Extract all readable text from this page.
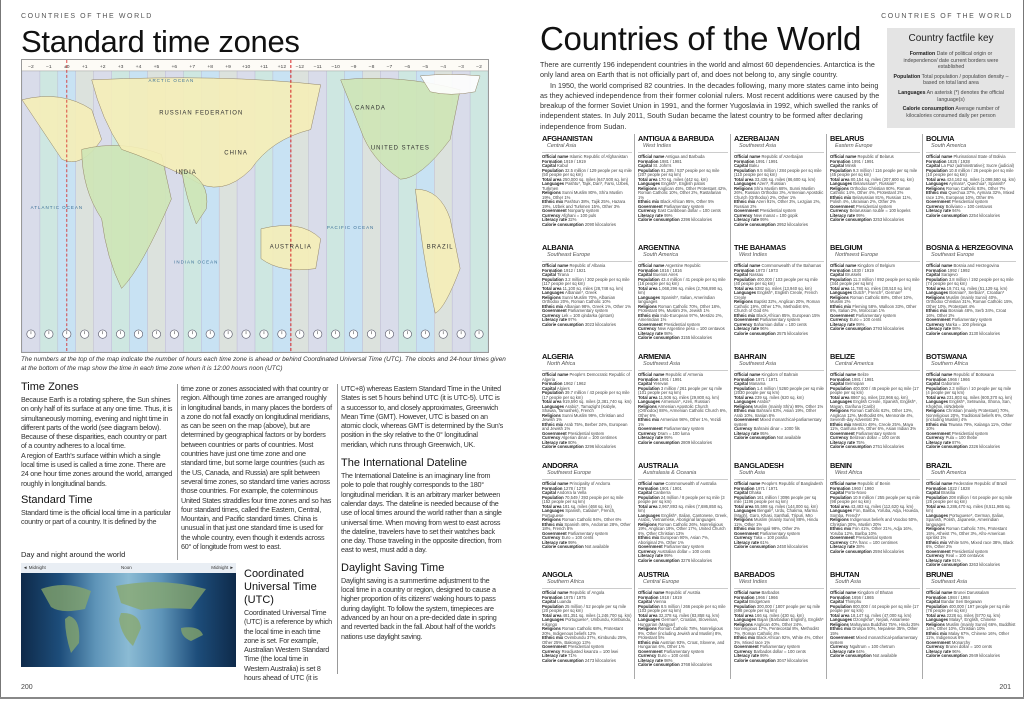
COUNTRIES OF THE WORLD
Standard time zones
−2 −1 ±0 +1 +2 +3 +4 +5 +6 +7 +8 +9 +10 +11 +12 −12 −11 −10 −9 −8 −7 −6 −5 −4 −3 −2
RUSSIAN FEDERATION
CHINA
INDIA
AUSTRALIA
CANADA
UNITED STATES
BRAZIL
ARCTIC OCEAN
INDIAN OCEAN
PACIFIC OCEAN
ATLANTIC OCEAN
The numbers at the top of the map indicate the number of hours each time zone is ahead or behind Coordinated Universal Time (UTC). The clocks and 24-hour times given at the bottom of the map show the time in each time zone when it is 12:00 hours noon (UTC)
Time Zones

Because Earth is a rotating sphere, the Sun shines on only half of its surface at any one time. Thus, it is simultaneously morning, evening and night time in different parts of the world (see diagram below). Because of these disparities, each country or part of a country adheres to a local time.

A region of Earth's surface within which a single local time is used is called a time zone. There are 24 one hour time zones around the world, arranged roughly in longitudinal bands.

Standard Time

Standard time is the official local time in a particular country or part of a country. It is defined by the

time zone or zones associated with that country or region. Although time zones are arranged roughly in longitudinal bands, in many places the borders of a zone do not fall exactly on longitudinal meridians, as can be seen on the map (above), but are determined by geographical factors or by borders between countries or parts of countries. Most countries have just one time zone and one standard time, but some large countries (such as the US, Canada, and Russia) are split between several time zones, so standard time varies across those countries. For example, the coterminous United States straddles four time zones and so has four standard times, called the Eastern, Central, Mountain, and Pacific standard times. China is unusual in that just one standard time is used for the whole country, even though it extends across 60° of longitude from west to east.

UTC+8) whereas Eastern Standard Time in the United States is set 5 hours behind UTC (it is UTC-5). UTC is a successor to, and closely approximates, Greenwich Mean Time (GMT). However, UTC is based on an atomic clock, whereas GMT is determined by the Sun's position in the sky relative to the 0° longitudinal meridian, which runs through Greenwich, UK.

The International Dateline

The International Dateline is an imaginary line from pole to pole that roughly corresponds to the 180° longitudinal meridian. It is an arbitrary marker between calendar days. The dateline is needed because of the use of local times around the world rather than a single universal time. When moving from west to east across the dateline, travelers have to set their watches back one day. Those traveling in the opposite direction, from east to west, must add a day.

Daylight Saving Time

Daylight saving is a summertime adjustment to the local time in a country or region, designed to cause a higher proportion of its citizens' waking hours to pass during daylight. To follow the system, timepieces are advanced by an hour on a pre-decided date in spring and reverted back in the fall. About half of the world's nations use daylight saving.

Coordinated Universal Time (UTC)

Coordinated Universal Time (UTC) is a reference by which the local time in each time zone is set. For example, Australian Western Standard Time (the local time in Western Australia) is set 8 hours ahead of UTC (it is

Day and night around the world
◄ Midnight	Noon	Midnight ►
200
COUNTRIES OF THE WORLD
Countries of the World

There are currently 196 independent countries in the world and almost 60 dependencies. Antarctica is the only land area on Earth that is not officially part of, and does not belong to, any single country.

In 1950, the world comprised 82 countries. In the decades following, many more states came into being as they achieved independence from their former colonial rulers. Most recent additions were caused by the breakup of the former Soviet Union in 1991, and the former Yugoslavia in 1992, which swelled the ranks of independent states. In July 2011, South Sudan became the latest country to be formed after declaring independence from Sudan.

Country factfile key
Formation Date of political origin or independence/ date current borders were established
Population Total population / population density – based on total land area
Languages An asterisk (*) denotes the official language(s)
Calorie consumption Average number of kilocalories consumed daily per person
AFGHANISTAN
Central Asia
Official name Islamic Republic of Afghanistan
Formation 1919 / 1919
Capital Kabul
Population 32.5 million / 129 people per sq mile (50 people per sq km)
Total area 250,000 sq. miles (647,500 sq. km)
Languages Pashtu*, Tajik, Dari*, Farsi, Uzbek, Turkmen
Religions Sunni Muslim 80%, Shi'a Muslim 19%, Other 1%
Ethnic mix Pashtun 38%, Tajik 25%, Hazara 19%, Uzbek and Turkmen 15%, Other 3%
Government Nonparty system
Currency Afghani = 100 puls
Literacy rate 32%
Calorie consumption 2090 kilocalories
ANTIGUA & BARBUDA
West Indies
Official name Antigua and Barbuda
Formation 1981 / 1981
Capital St. John's
Population 91,295 / 537 people per sq mile (207 people per sq km)
Total area 170 sq. miles (442 sq. km)
Languages English*, English patois
Religions Anglican 45%, Other Protestant 42%, Roman Catholic 10%, Other 2%, Rastafarian 1%
Ethnic mix Black African 95%, Other 5%
Government Parliamentary system
Currency East Caribbean dollar = 100 cents
Literacy rate 99%
Calorie consumption 2396 kilocalories
AZERBAIJAN
Southwest Asia
Official name Republic of Azerbaijan
Formation 1991 / 1991
Capital Baku
Population 9.5 million / 284 people per sq mile (110 people per sq km)
Total area 33,436 sq. miles (86,600 sq. km)
Languages Azeri*, Russian
Religions Shi'a Muslim 68%, Sunni Muslim 26%, Russian Orthodox 3%, Armenian Apostolic Church (Orthodox) 2%, Other 1%
Ethnic mix Azeri 91%, Other 3%, Lezgian 2%, Russian 2%
Government Presidential system
Currency New manat = 100 gopik
Literacy rate 99%
Calorie consumption 2952 kilocalories
BELARUS
Eastern Europe
Official name Republic of Belarus
Formation 1991 / 1991
Capital Minsk
Population 9.3 million / 116 people per sq mile (45 people per sq km)
Total area 80,154 sq. miles (207,600 sq. km)
Languages Belarussian*, Russian*
Religions Orthodox Christian 80%, Roman Catholic 14%, Other 4%, Protestant 2%
Ethnic mix Belarussian 81%, Russian 11%, Polish 4%, Ukrainian 2%, Other 2%
Government Presidential system
Currency Belarussian rouble = 100 kopeks
Literacy rate 99%
Calorie consumption 3253 kilocalories
BOLIVIA
South America
Official name Plurinational State of Bolivia
Formation 1825 / 1938
Capital La Paz (administrative); Sucre (judicial)
Population 10.8 million / 26 people per sq mile (10 people per sq km)
Total area 424,162 sq. miles (1,098,580 sq. km)
Languages Aymara*, Quechua*, Spanish*
Religions Roman Catholic 93%, Other 7%
Ethnic mix Quechua 37%, Aymara 32%, Mixed race 13%, European 10%, Other 8%
Government Presidential system
Currency Boliviano = 100 centavos
Literacy rate 94%
Calorie consumption 2254 kilocalories
ALBANIA
Southeast Europe
Official name Republic of Albania
Formation 1912 / 1921
Capital Tirana
Population 3.2 million / 302 people per sq mile (117 people per sq km)
Total area 11,100 sq. miles (28,748 sq. km)
Languages Albanian*, Greek
Religions Sunni Muslim 70%, Albanian Orthodox 20%, Roman Catholic 10%
Ethnic mix Albanian 98%, Greek 1%, Other 1%
Government Parliamentary system
Currency Lek = 100 qindarka (qintars)
Literacy rate 97%
Calorie consumption 3023 kilocalories
ARGENTINA
South America
Official name Argentine Republic
Formation 1816 / 1816
Capital Buenos Aires
Population 43.4 million / 41 people per sq mile (16 people per sq km)
Total area 1,068,296 sq. miles (2,766,890 sq. km)
Languages Spanish*, Italian, Amerindian languages
Religions Roman Catholic 70%, Other 18%, Protestant 9%, Muslim 2%, Jewish 1%
Ethnic mix Indo-European 97%, Mestizo 2%, Amerindian 1%
Government Presidential system
Currency New Argentine peso = 100 centavos
Literacy rate 98%
Calorie consumption 3155 kilocalories
THE BAHAMAS
West Indies
Official name Commonwealth of the Bahamas
Formation 1973 / 1973
Capital Nassau
Population 400,000 / 103 people per sq mile (40 people per sq km)
Total area 5382 sq. miles (13,940 sq. km)
Languages English*, English Creole, French Creole
Religions Baptist 32%, Anglican 20%, Roman Catholic 19%, Other 17%, Methodist 6%, Church of God 6%
Ethnic mix Black African 85%, European 15%
Government Parliamentary system
Currency Bahamian dollar = 100 cents
Literacy rate 96%
Calorie consumption 2575 kilocalories
BELGIUM
Northwest Europe
Official name Kingdom of Belgium
Formation 1830 / 1919
Capital Brussels
Population 11.3 million / 892 people per sq mile (344 people per sq km)
Total area 11,780 sq. miles (30,510 sq. km)
Languages Dutch*, French*, German*
Religions Roman Catholic 88%, Other 10%, Muslim 2%
Ethnic mix Fleming 58%, Walloon 33%, Other 6%, Italian 2%, Moroccan 1%
Government Parliamentary system
Currency Euro = 100 cents
Literacy rate 99%
Calorie consumption 3793 kilocalories
BOSNIA & HERZEGOVINA
Southeast Europe
Official name Bosnia and Herzegovina
Formation 1992 / 1992
Capital Sarajevo
Population 3.8 million / 192 people per sq mile (74 people per sq km)
Total area 19,741 sq. miles (51,129 sq. km)
Languages Bosnian*, Serbian*, Croatian*
Religions Muslim (mainly Sunni) 40%, Orthodox Christian 31%, Roman Catholic 15%, Other 10%, Protestant 4%
Ethnic mix Bosniak 48%, Serb 34%, Croat 16%, Other 2%
Government Parliamentary system
Currency Marka = 100 pfeninga
Literacy rate 98%
Calorie consumption 3130 kilocalories
ALGERIA
North Africa
Official name People's Democratic Republic of Algeria
Formation 1962 / 1962
Capital Algiers
Population 39.7 million / 43 people per sq mile (17 people per sq km)
Total area 919,590 sq. miles (2,381,740 sq. km)
Languages Arabic*, Tamazight (Kabyle, Shawia, Tamashek), French
Religions Sunni Muslim 99%, Christian and Jewish 1%
Ethnic mix Arab 75%, Berber 24%, European and Jewish 1%
Government Presidential system
Currency Algerian dinar = 100 centimes
Literacy rate 80%
Calorie consumption 3296 kilocalories
ARMENIA
Southwest Asia
Official name Republic of Armenia
Formation 1991 / 1991
Capital Yerevan
Population 3 million / 261 people per sq mile (101 people per sq km)
Total area 11,506 sq. miles (29,800 sq. km)
Languages Armenian*, Azeri, Russian
Religions Armenian Apostolic Church (Orthodox) 88%, Armenian Catholic Church 6%, Other 6%
Ethnic mix Armenian 98%, Other 1%, Yezidi 1%
Government Parliamentary system
Currency Dram = 100 luma
Literacy rate 99%
Calorie consumption 2809 kilocalories
BAHRAIN
Southwest Asia
Official name Kingdom of Bahrain
Formation 1971 / 1971
Capital Manama
Population 1.4 million / 5260 people per sq mile (2030 people per sq km)
Total area 239 sq. miles (620 sq. km)
Languages Arabic*
Religions Muslim (mainly Shi'a) 99%, Other 1%
Ethnic mix Bahraini 63%, Asian 19%, Other Arab 10%, Iranian 8%
Government Mixed monarchical-parliamentary system
Currency Bahraini dinar = 1000 fils
Literacy rate 95%
Calorie consumption Not available
BELIZE
Central America
Official name Belize
Formation 1981 / 1981
Capital Belmopan
Population 400,000 / 45 people per sq mile (17 people per sq km)
Total area 8867 sq. miles (22,966 sq. km)
Languages English Creole, Spanish, English*, Mayan, Garifuna (Carib)
Religions Roman Catholic 62%, Other 13%, Anglican 12%, Methodist 6%, Mennonite 4%, Seventh-day Adventist 3%
Ethnic mix Mestizo 49%, Creole 25%, Maya 11%, Garifuna 6%, Other 6%, Asian Indian 3%
Government Parliamentary system
Currency Belizean dollar = 100 cents
Literacy rate 75%
Calorie consumption 2751 kilocalories
BOTSWANA
Southern Africa
Official name Republic of Botswana
Formation 1966 / 1966
Capital Gaborone
Population 2.3 million / 10 people per sq mile (4 people per sq km)
Total area 231,803 sq. miles (600,370 sq. km)
Languages English*, Setswana, Shona, San, Khoikhoi, isiNdebele
Religions Christian (mainly Protestant) 70%, Nonreligious 20%, Traditional beliefs 6%, Other (including Muslim) 4%
Ethnic mix Tswana 79%, Kalanga 11%, Other 10%
Government Presidential system
Currency Pula = 100 thebe
Literacy rate 87%
Calorie consumption 2326 kilocalories
ANDORRA
Southwest Europe
Official name Principality of Andorra
Formation 1278 / 1278
Capital Andorra la Vella
Population 70,549 / 393 people per sq mile (152 people per sq km)
Total area 181 sq. miles (468 sq. km)
Languages Spanish, Catalan*, French, Portuguese
Religions Roman Catholic 94%, Other 6%
Ethnic mix Spanish 46%, Andorran 28%, Other 18%, French 8%
Government Parliamentary system
Currency Euro = 100 cents
Literacy rate 99%
Calorie consumption Not available
AUSTRALIA
Australasia & Oceania
Official name Commonwealth of Australia
Formation 1901 / 1901
Capital Canberra
Population 24 million / 8 people per sq mile (3 people per sq km)
Total area 2,967,893 sq. miles (7,686,850 sq. km)
Languages English*, Italian, Cantonese, Greek, Arabic, Vietnamese, Aboriginal languages
Religions Roman Catholic 26%, Nonreligious 19%, Anglican 19%, Other 17%, United Church 6%, Other Christian 13%
Ethnic mix European 90%, Asian 7%, Aboriginal 2%, Other 1%
Government Parliamentary system
Currency Australian dollar = 100 cents
Literacy rate 99%
Calorie consumption 3276 kilocalories
BANGLADESH
South Asia
Official name People's Republic of Bangladesh
Formation 1971 / 1971
Capital Dhaka
Population 161 million / 3096 people per sq mile (1196 people per sq km)
Total area 55,598 sq. miles (144,000 sq. km)
Languages Bengali*, Urdu, Chakma, Marma (Magh), Garo, Khasi, Santhali, Tripuri, Mro
Religions Muslim (mainly Sunni) 88%, Hindu 11%, Other 1%
Ethnic mix Bengali 98%, Other 2%
Government Parliamentary system
Currency Taka = 100 poisha
Literacy rate 61%
Calorie consumption 2450 kilocalories
BENIN
West Africa
Official name Republic of Benin
Formation 1960 / 1960
Capital Porto-Novo
Population 10.9 million / 255 people per sq mile (98 people per sq km)
Total area 43,483 sq. miles (112,620 sq. km)
Languages Fon, Bariba, Yoruba, Adja, Houeda, Somba, French*
Religions Indigenous beliefs and Voodoo 50%, Christian 30%, Muslim 20%
Ethnic mix Fon 41%, Other 21%, Adja 16%, Yoruba 12%, Bariba 10%
Government Presidential system
Currency CFA franc = 100 centimes
Literacy rate 38%
Calorie consumption 2594 kilocalories
BRAZIL
South America
Official name Federative Republic of Brazil
Formation 1822 / 1828
Capital Brasília
Population 208 million / 64 people per sq mile (25 people per sq km)
Total area 3,286,470 sq. miles (8,511,965 sq. km)
Languages Portuguese*, German, Italian, Spanish, Polish, Japanese, Amerindian languages
Religions Roman Catholic 74%, Protestant 15%, Atheist 7%, Other 3%, Afro-American spiritist 1%
Ethnic mix White 54%, Mixed race 38%, Black 6%, Other 2%
Government Presidential system
Currency Real = 100 centavos
Literacy rate 91%
Calorie consumption 3263 kilocalories
ANGOLA
Southern Africa
Official name Republic of Angola
Formation 1975 / 1975
Capital Luanda
Population 25 million / 52 people per sq mile (20 people per sq km)
Total area 481,351 sq. miles (1,246,700 sq. km)
Languages Portuguese*, Umbundu, Kimbundu, Kikongo
Religions Roman Catholic 68%, Protestant 20%, Indigenous beliefs 12%
Ethnic mix Ovimbundu 37%, Kimbundu 25%, Other 25%, Bakongo 13%
Government Presidential system
Currency Readjusted kwanza = 100 lwei
Literacy rate 71%
Calorie consumption 2473 kilocalories
AUSTRIA
Central Europe
Official name Republic of Austria
Formation 1918 / 1919
Capital Vienna
Population 8.5 million / 266 people per sq mile (103 people per sq km)
Total area 32,378 sq. miles (83,858 sq. km)
Languages German*, Croatian, Slovenian, Hungarian (Magyar)
Religions Roman Catholic 78%, Nonreligious 9%, Other (including Jewish and Muslim) 8%, Protestant 5%
Ethnic mix Austrian 93%, Croat, Slovene, and Hungarian 6%, Other 1%
Government Parliamentary system
Currency Euro = 100 cents
Literacy rate 98%
Calorie consumption 3768 kilocalories
BARBADOS
West Indies
Official name Barbados
Formation 1966 / 1966
Capital Bridgetown
Population 300,000 / 1807 people per sq mile (698 people per sq km)
Total area 166 sq. miles (430 sq. km)
Languages Bajan (Barbadian English), English*
Religions Anglican 40%, Other 24%, Nonreligious 17%, Pentecostal 8%, Methodist 7%, Roman Catholic 4%
Ethnic mix Black African 92%, White 4%, Other 3%, Mixed race 1%
Government Parliamentary system
Currency Barbados dollar = 100 cents
Literacy rate 99%
Calorie consumption 3047 kilocalories
BHUTAN
South Asia
Official name Kingdom of Bhutan
Formation 1656 / 1865
Capital Thimphu
Population 800,000 / 44 people per sq mile (17 people per sq km)
Total area 18,147 sq. miles (47,000 sq. km)
Languages Dzongkha*, Nepali, Assamese
Religions Mahayana Buddhist 75%, Hindu 25%
Ethnic mix Drukpa 50%, Nepalese 35%, Other 15%
Government Mixed monarchical-parliamentary system
Currency Ngultrum = 100 chetrum
Literacy rate 64%
Calorie consumption Not available
BRUNEI
Southeast Asia
Official name Brunei Darussalam
Formation 1984 / 1984
Capital Bandar Seri Begawan
Population 400,000 / 197 people per sq mile (76 people per sq km)
Total area 2228 sq. miles (5770 sq. km)
Languages Malay*, English, Chinese
Religions Muslim (mainly Sunni) 66%, Buddhist 14%, Other 10%, Christian 10%
Ethnic mix Malay 67%, Chinese 16%, Other 11%, Indigenous 6%
Government Monarchy
Currency Brunei dollar = 100 cents
Literacy rate 96%
Calorie consumption 2949 kilocalories
201
